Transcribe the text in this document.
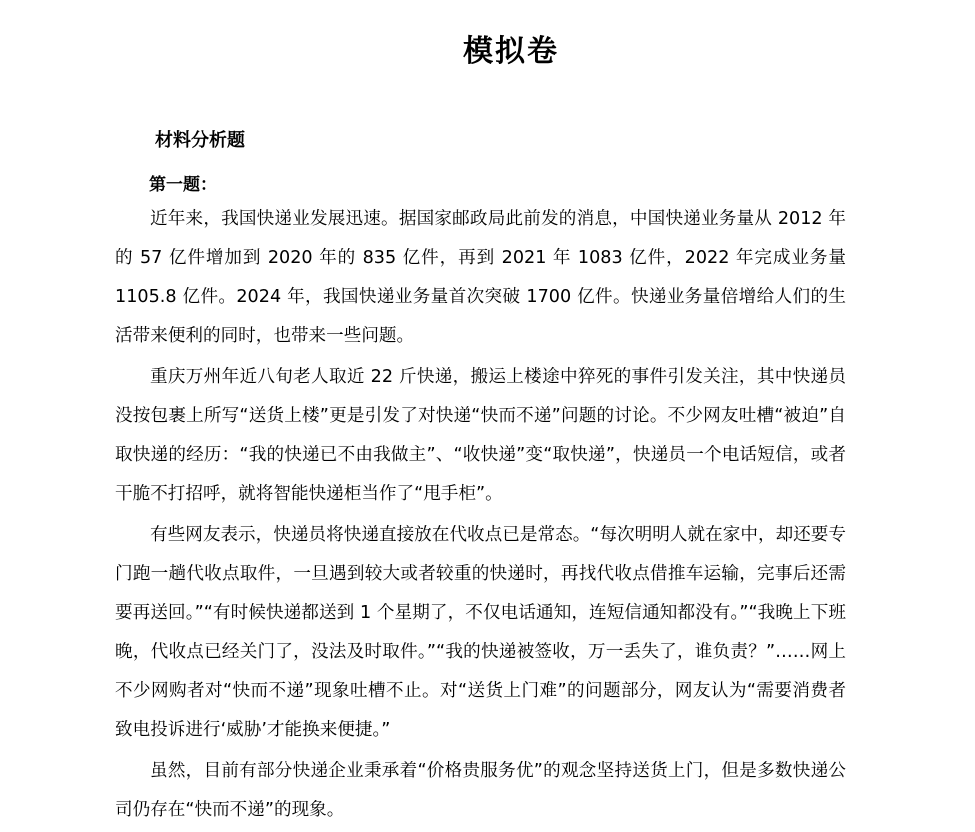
模拟卷
材料分析题
第一题：

近年来，我国快递业发展迅速。据国家邮政局此前发的消息，中国快递业务量从 2012 年的 57 亿件增加到 2020 年的 835 亿件，再到 2021 年 1083 亿件，2022 年完成业务量 1105.8 亿件。2024 年，我国快递业务量首次突破 1700 亿件。快递业务量倍增给人们的生活带来便利的同时，也带来一些问题。

重庆万州年近八旬老人取近 22 斤快递，搬运上楼途中猝死的事件引发关注，其中快递员没按包裹上所写“送货上楼”更是引发了对快递“快而不递”问题的讨论。不少网友吐槽“被迫”自取快递的经历：“我的快递已不由我做主”、“收快递”变“取快递”，快递员一个电话短信，或者干脆不打招呼，就将智能快递柜当作了“甩手柜”。

有些网友表示，快递员将快递直接放在代收点已是常态。“每次明明人就在家中，却还要专门跑一趟代收点取件，一旦遇到较大或者较重的快递时，再找代收点借推车运输，完事后还需要再送回。”“有时候快递都送到 1 个星期了，不仅电话通知，连短信通知都没有。”“我晚上下班晚，代收点已经关门了，没法及时取件。”“我的快递被签收，万一丢失了，谁负责？”……网上不少网购者对“快而不递”现象吐槽不止。对“送货上门难”的问题部分，网友认为“需要消费者致电投诉进行‘威胁’才能换来便捷。”

虽然，目前有部分快递企业秉承着“价格贵服务优”的观念坚持送货上门，但是多数快递公司仍存在“快而不递”的现象。
